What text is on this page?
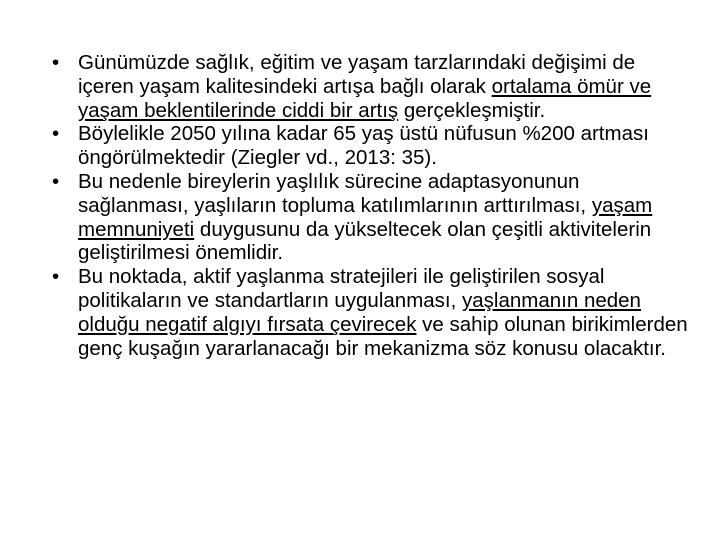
• Günümüzde sağlık, eğitim ve yaşam tarzlarındaki değişimi de içeren yaşam kalitesindeki artışa bağlı olarak ortalama ömür ve yaşam beklentilerinde ciddi bir artış gerçekleşmiştir.
• Böylelikle 2050 yılına kadar 65 yaş üstü nüfusun %200 artması öngörülmektedir (Ziegler vd., 2013: 35).
• Bu nedenle bireylerin yaşlılık sürecine adaptasyonunun sağlanması, yaşlıların topluma katılımlarının arttırılması, yaşam memnuniyeti duygusunu da yükseltecek olan çeşitli aktivitelerin geliştirilmesi önemlidir.
• Bu noktada, aktif yaşlanma stratejileri ile geliştirilen sosyal politikaların ve standartların uygulanması, yaşlanmanın neden olduğu negatif algıyı fırsata çevirecek ve sahip olunan birikimlerden genç kuşağın yararlanacağı bir mekanizma söz konusu olacaktır.
